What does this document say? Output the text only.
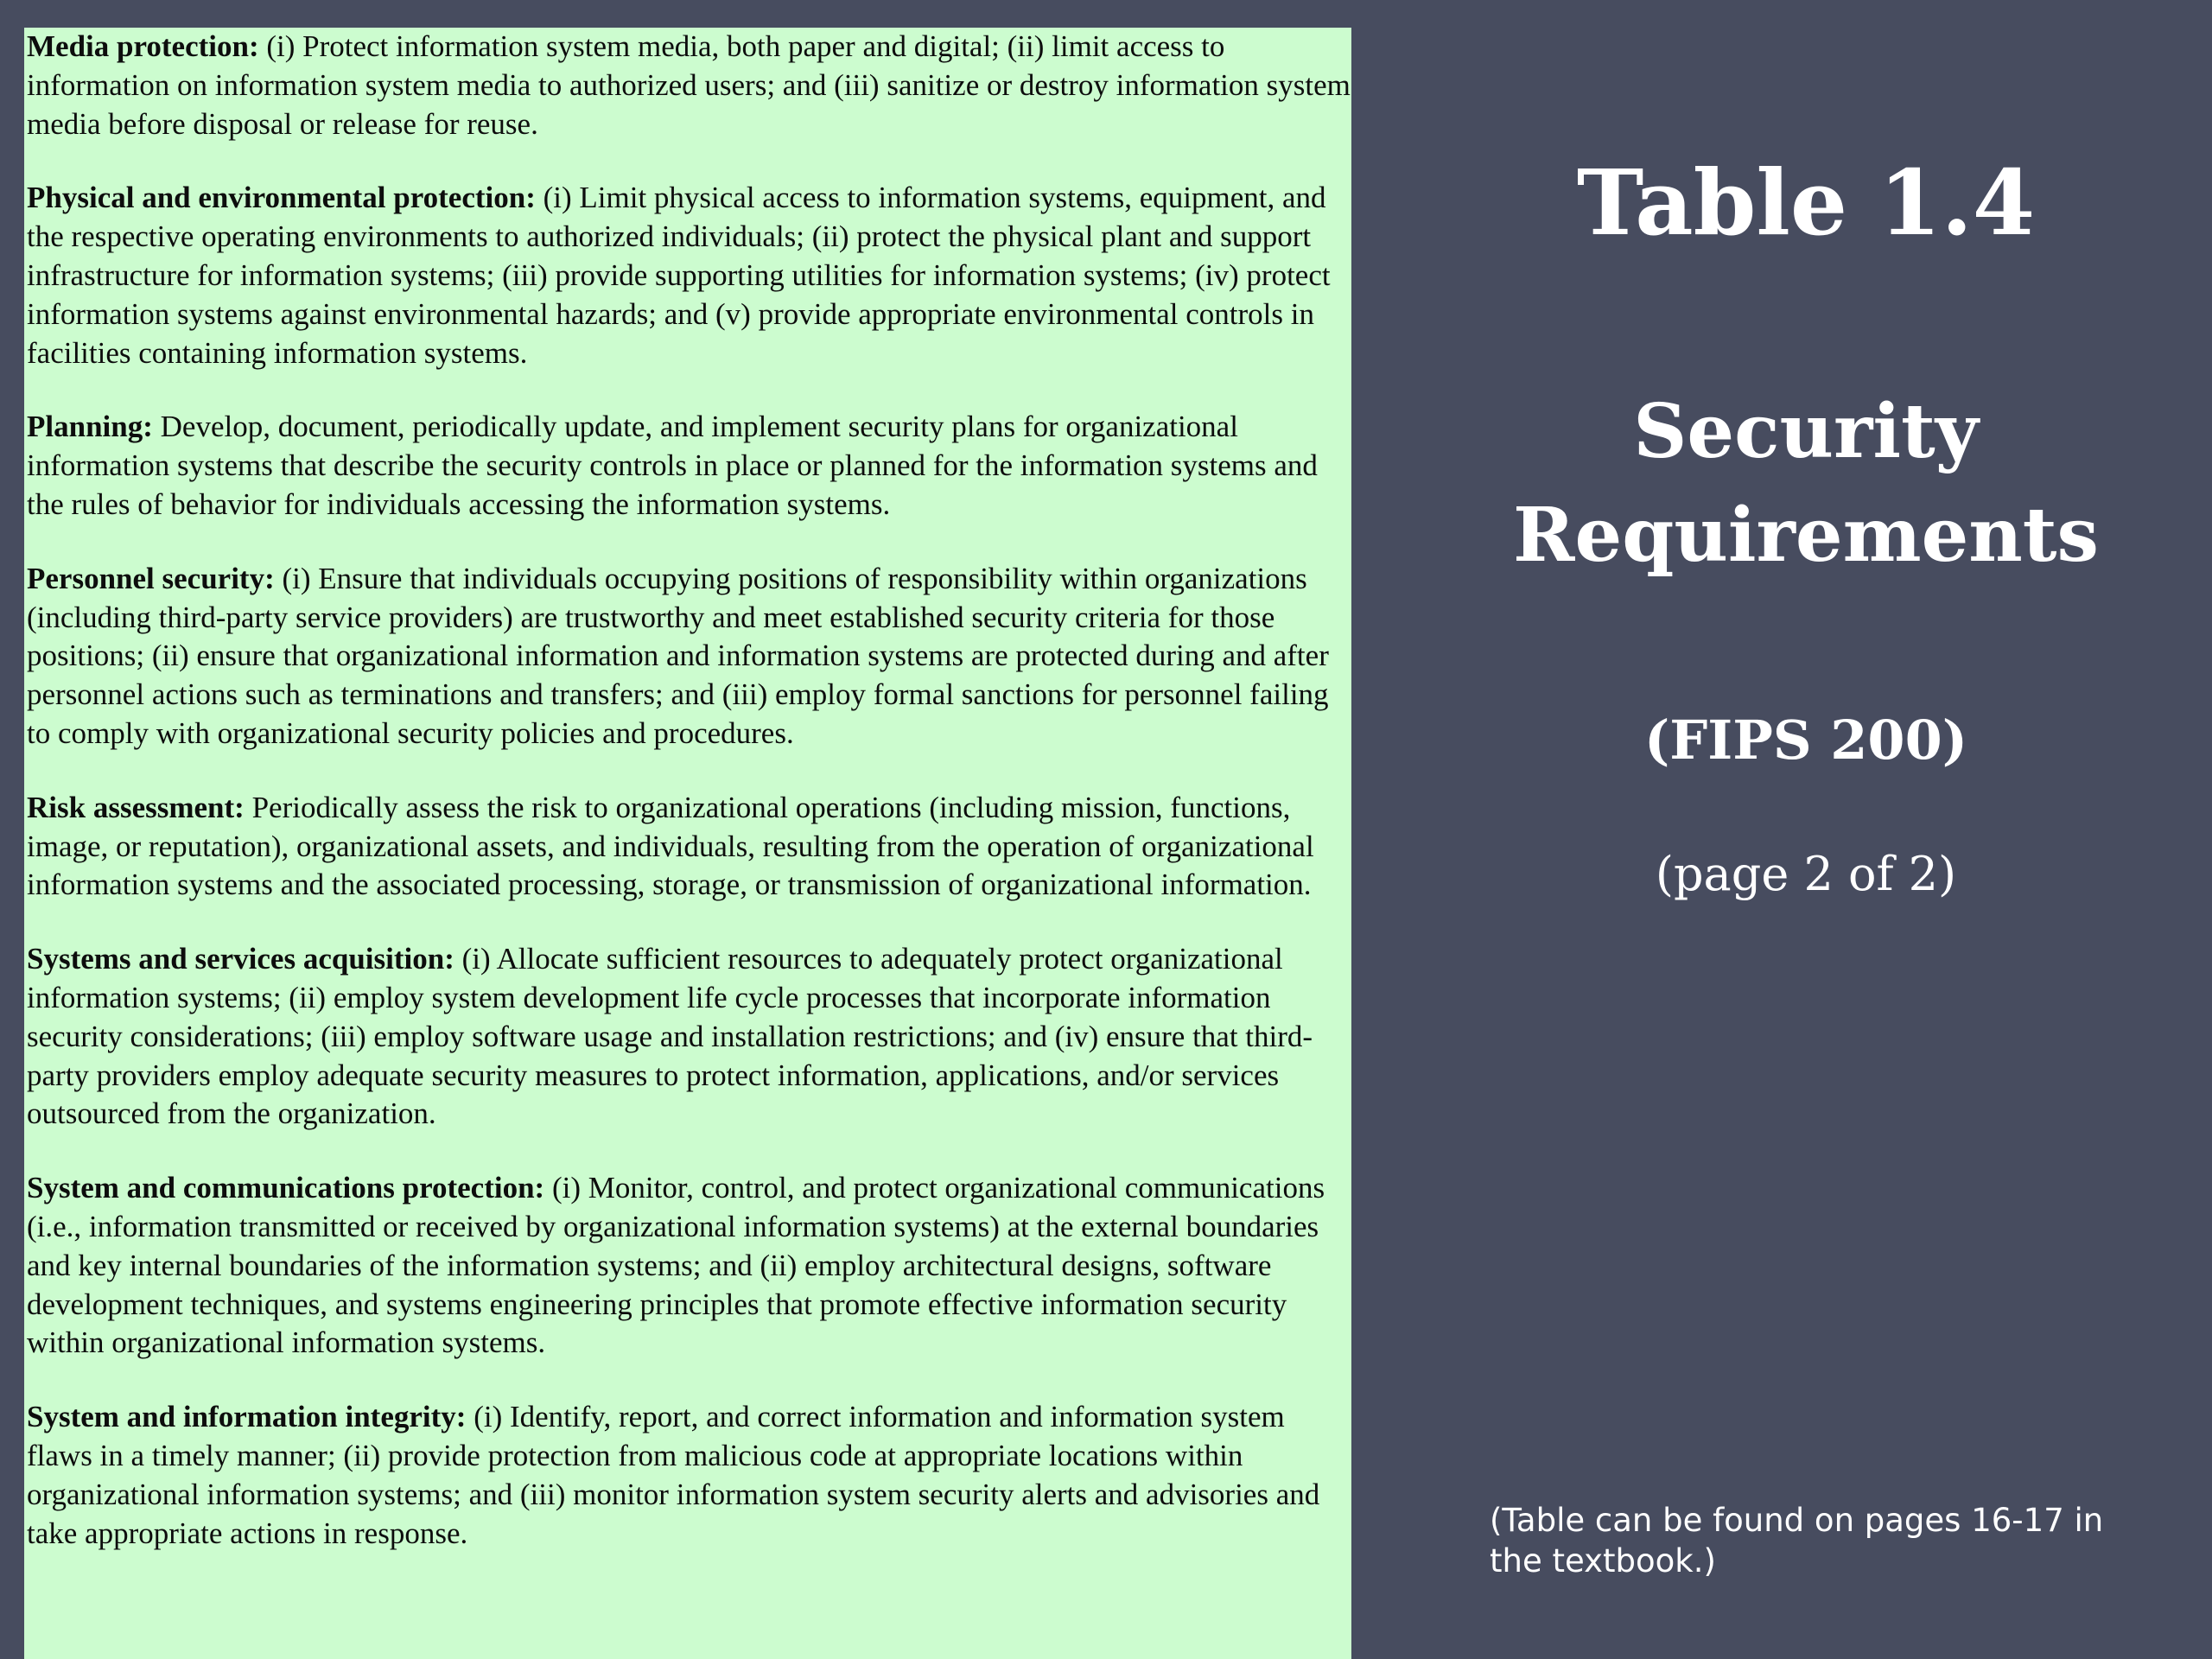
Media protection: (i) Protect information system media, both paper and digital; (ii) limit access to information on information system media to authorized users; and (iii) sanitize or destroy information system media before disposal or release for reuse.

Physical and environmental protection: (i) Limit physical access to information systems, equipment, and the respective operating environments to authorized individuals; (ii) protect the physical plant and support infrastructure for information systems; (iii) provide supporting utilities for information systems; (iv) protect information systems against environmental hazards; and (v) provide appropriate environmental controls in facilities containing information systems.

Planning: Develop, document, periodically update, and implement security plans for organizational information systems that describe the security controls in place or planned for the information systems and the rules of behavior for individuals accessing the information systems.

Personnel security: (i) Ensure that individuals occupying positions of responsibility within organizations (including third-party service providers) are trustworthy and meet established security criteria for those positions; (ii) ensure that organizational information and information systems are protected during and after personnel actions such as terminations and transfers; and (iii) employ formal sanctions for personnel failing to comply with organizational security policies and procedures.

Risk assessment: Periodically assess the risk to organizational operations (including mission, functions, image, or reputation), organizational assets, and individuals, resulting from the operation of organizational information systems and the associated processing, storage, or transmission of organizational information.

Systems and services acquisition: (i) Allocate sufficient resources to adequately protect organizational information systems; (ii) employ system development life cycle processes that incorporate information security considerations; (iii) employ software usage and installation restrictions; and (iv) ensure that third-party providers employ adequate security measures to protect information, applications, and/or services outsourced from the organization.

System and communications protection: (i) Monitor, control, and protect organizational communications (i.e., information transmitted or received by organizational information systems) at the external boundaries and key internal boundaries of the information systems; and (ii) employ architectural designs, software development techniques, and systems engineering principles that promote effective information security within organizational information systems.

System and information integrity: (i) Identify, report, and correct information and information system flaws in a timely manner; (ii) provide protection from malicious code at appropriate locations within organizational information systems; and (iii) monitor information system security alerts and advisories and take appropriate actions in response.

Table 1.4
Security Requirements

(FIPS 200)

(page 2 of 2)

(Table can be found on pages 16-17 in the textbook.)
